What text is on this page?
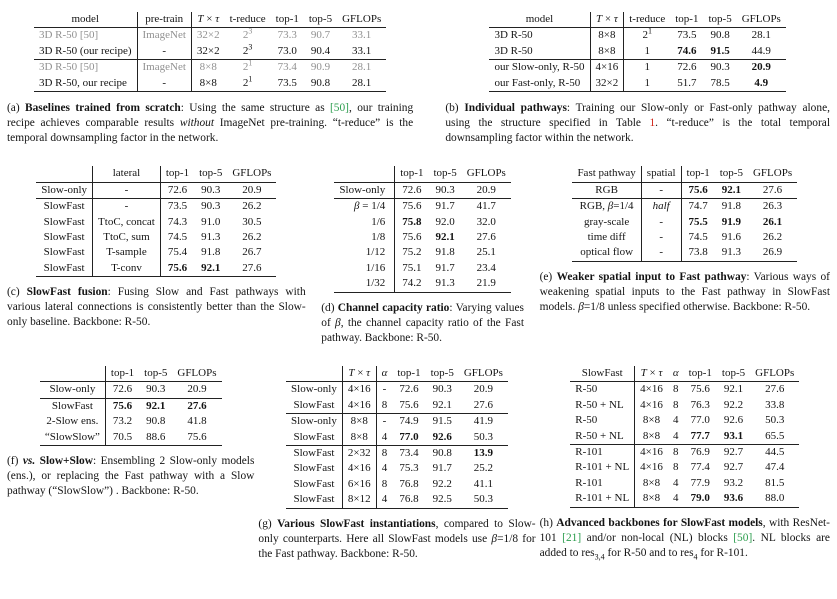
model	pre-train	T × τ	t-reduce	top-1	top-5	GFLOPs
3D R-50 [50]	ImageNet	32×2	$2^3$	73.3	90.7	33.1
3D R-50 (our recipe)	-	32×2	$2^3$	73.0	90.4	33.1
3D R-50 [50]	ImageNet	8×8	$2^1$	73.4	90.9	28.1
3D R-50, our recipe	-	8×8	$2^1$	73.5	90.8	28.1

(a) Baselines trained from scratch: Using the same structure as [50], our training recipe achieves comparable results without ImageNet pre-training. “t-reduce” is the temporal downsampling factor in the network.

model	T × τ	t-reduce	top-1	top-5	GFLOPs
3D R-50	8×8	$2^1$	73.5	90.8	28.1
3D R-50	8×8	1	74.6	91.5	44.9
our Slow-only, R-50	4×16	1	72.6	90.3	20.9
our Fast-only, R-50	32×2	1	51.7	78.5	4.9

(b) Individual pathways: Training our Slow-only or Fast-only pathway alone, using the structure specified in Table 1. “t-reduce” is the total temporal downsampling factor within the network.

	lateral	top-1	top-5	GFLOPs
Slow-only	-	72.6	90.3	20.9
SlowFast	-	73.5	90.3	26.2
SlowFast	TtoC, concat	74.3	91.0	30.5
SlowFast	TtoC, sum	74.5	91.3	26.2
SlowFast	T-sample	75.4	91.8	26.7
SlowFast	T-conv	75.6	92.1	27.6

(c) SlowFast fusion: Fusing Slow and Fast pathways with various lateral connections is consistently better than the Slow-only baseline. Backbone: R-50.

	top-1	top-5	GFLOPs
Slow-only	72.6	90.3	20.9
β = 1/4	75.6	91.7	41.7
1/6	75.8	92.0	32.0
1/8	75.6	92.1	27.6
1/12	75.2	91.8	25.1
1/16	75.1	91.7	23.4
1/32	74.2	91.3	21.9

(d) Channel capacity ratio: Varying values of β, the channel capacity ratio of the Fast pathway. Backbone: R-50.

Fast pathway	spatial	top-1	top-5	GFLOPs
RGB	-	75.6	92.1	27.6
RGB, β=1/4	half	74.7	91.8	26.3
gray-scale	-	75.5	91.9	26.1
time diff	-	74.5	91.6	26.2
optical flow	-	73.8	91.3	26.9

(e) Weaker spatial input to Fast pathway: Various ways of weakening spatial inputs to the Fast pathway in SlowFast models. β=1/8 unless specified otherwise. Backbone: R-50.

	top-1	top-5	GFLOPs
Slow-only	72.6	90.3	20.9
SlowFast	75.6	92.1	27.6
2-Slow ens.	73.2	90.8	41.8
“SlowSlow”	70.5	88.6	75.6

(f) vs. Slow+Slow: Ensembling 2 Slow-only models (ens.), or replacing the Fast pathway with a Slow pathway (“SlowSlow”) . Backbone: R-50.

	T × τ	α	top-1	top-5	GFLOPs
Slow-only	4×16	-	72.6	90.3	20.9
SlowFast	4×16	8	75.6	92.1	27.6
Slow-only	8×8	-	74.9	91.5	41.9
SlowFast	8×8	4	77.0	92.6	50.3
SlowFast	2×32	8	73.4	90.8	13.9
SlowFast	4×16	4	75.3	91.7	25.2
SlowFast	6×16	8	76.8	92.2	41.1
SlowFast	8×12	4	76.8	92.5	50.3

(g) Various SlowFast instantiations, compared to Slow-only counterparts. Here all SlowFast models use β=1/8 for the Fast pathway. Backbone: R-50.

SlowFast	T × τ	α	top-1	top-5	GFLOPs
R-50	4×16	8	75.6	92.1	27.6
R-50 + NL	4×16	8	76.3	92.2	33.8
R-50	8×8	4	77.0	92.6	50.3
R-50 + NL	8×8	4	77.7	93.1	65.5
R-101	4×16	8	76.9	92.7	44.5
R-101 + NL	4×16	8	77.4	92.7	47.4
R-101	8×8	4	77.9	93.2	81.5
R-101 + NL	8×8	4	79.0	93.6	88.0

(h) Advanced backbones for SlowFast models, with ResNet-101 [21] and/or non-local (NL) blocks [50]. NL blocks are added to res$_{3,4}$ for R-50 and to res$_4$ for R-101.
